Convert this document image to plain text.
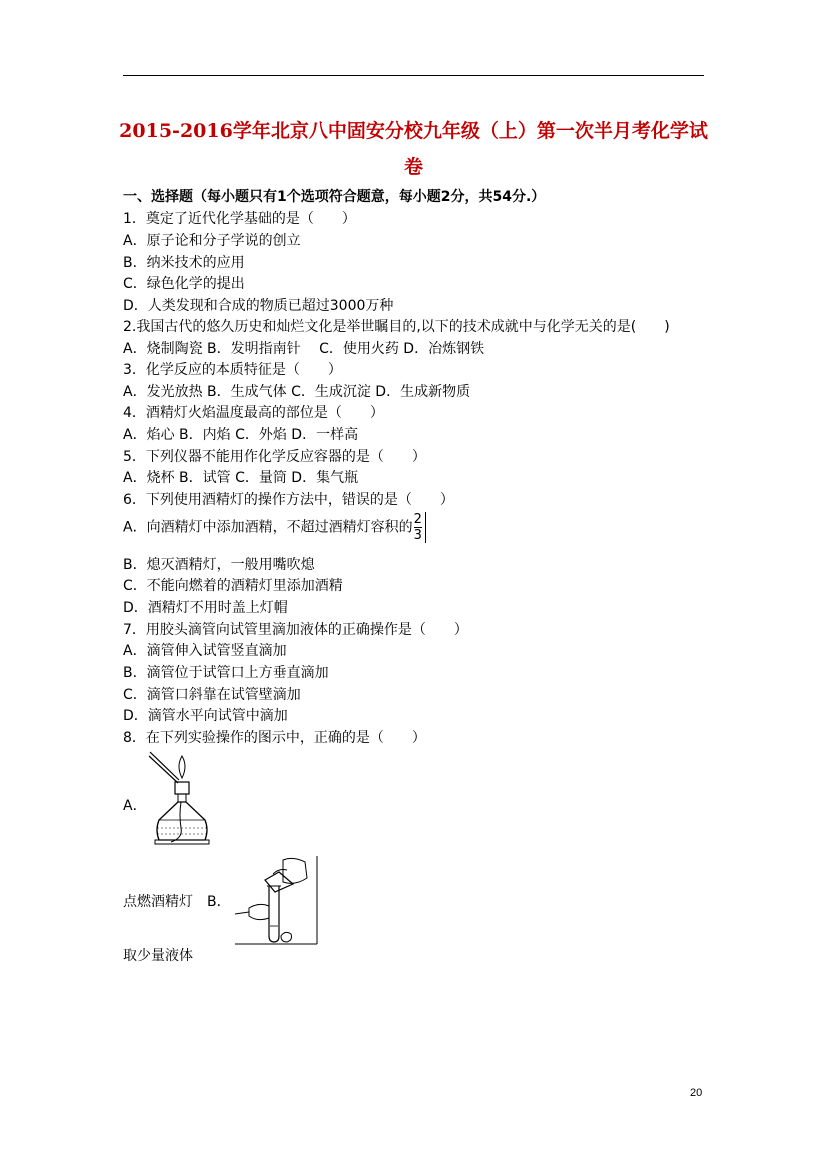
2015-2016学年北京八中固安分校九年级（上）第一次半月考化学试
卷
一、选择题（每小题只有1个选项符合题意，每小题2分，共54分.）
1．奠定了近代化学基础的是（　　）
A．原子论和分子学说的创立
B．纳米技术的应用
C．绿色化学的提出
D．人类发现和合成的物质已超过3000万种
2.我国古代的悠久历史和灿烂文化是举世瞩目的,以下的技术成就中与化学无关的是(　　)
A．烧制陶瓷 B．发明指南针　 C．使用火药 D．冶炼钢铁
3．化学反应的本质特征是（　　）
A．发光放热 B．生成气体 C．生成沉淀 D．生成新物质
4．酒精灯火焰温度最高的部位是（　　）
A．焰心 B．内焰 C．外焰 D．一样高
5．下列仪器不能用作化学反应容器的是（　　）
A．烧杯 B．试管 C．量筒 D．集气瓶
6．下列使用酒精灯的操作方法中，错误的是（　　）
A．向酒精灯中添加酒精，不超过酒精灯容积的 $\frac{2}{3}$
B．熄灭酒精灯，一般用嘴吹熄
C．不能向燃着的酒精灯里添加酒精
D．酒精灯不用时盖上灯帽
7．用胶头滴管向试管里滴加液体的正确操作是（　　）
A．滴管伸入试管竖直滴加
B．滴管位于试管口上方垂直滴加
C．滴管口斜靠在试管壁滴加
D．滴管水平向试管中滴加
8．在下列实验操作的图示中，正确的是（　　）
A．
点燃酒精灯 B．
取少量液体
20
